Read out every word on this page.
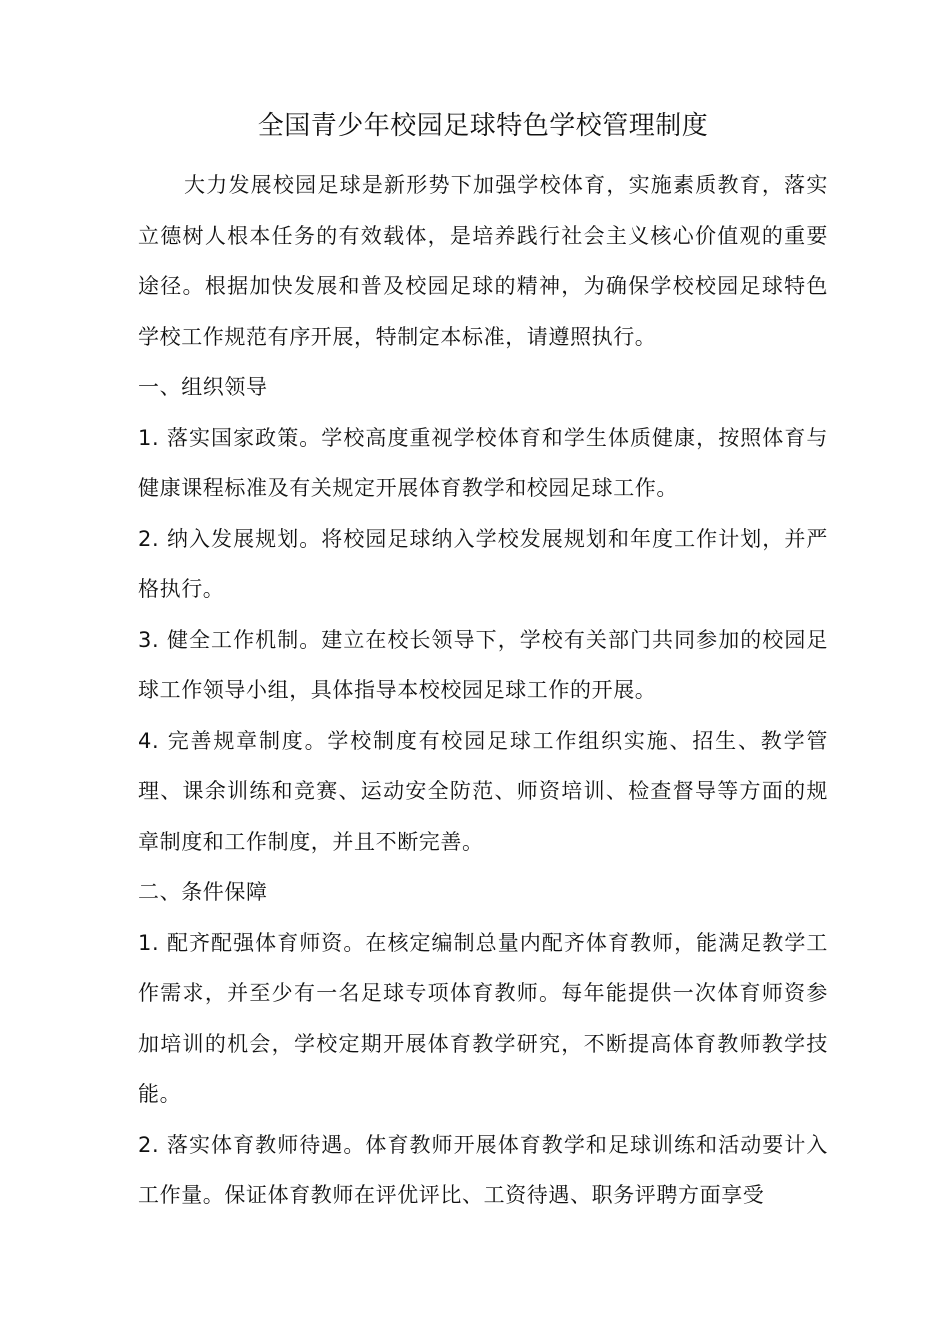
全国青少年校园足球特色学校管理制度

大力发展校园足球是新形势下加强学校体育，实施素质教育，落实立德树人根本任务的有效载体，是培养践行社会主义核心价值观的重要途径。根据加快发展和普及校园足球的精神，为确保学校校园足球特色学校工作规范有序开展，特制定本标准，请遵照执行。

一、组织领导

1. 落实国家政策。学校高度重视学校体育和学生体质健康，按照体育与健康课程标准及有关规定开展体育教学和校园足球工作。

2. 纳入发展规划。将校园足球纳入学校发展规划和年度工作计划，并严格执行。

3. 健全工作机制。建立在校长领导下，学校有关部门共同参加的校园足球工作领导小组，具体指导本校校园足球工作的开展。

4. 完善规章制度。学校制度有校园足球工作组织实施、招生、教学管理、课余训练和竞赛、运动安全防范、师资培训、检查督导等方面的规章制度和工作制度，并且不断完善。

二、条件保障

1. 配齐配强体育师资。在核定编制总量内配齐体育教师，能满足教学工作需求，并至少有一名足球专项体育教师。每年能提供一次体育师资参加培训的机会，学校定期开展体育教学研究，不断提高体育教师教学技能。

2. 落实体育教师待遇。体育教师开展体育教学和足球训练和活动要计入工作量。保证体育教师在评优评比、工资待遇、职务评聘方面享受
